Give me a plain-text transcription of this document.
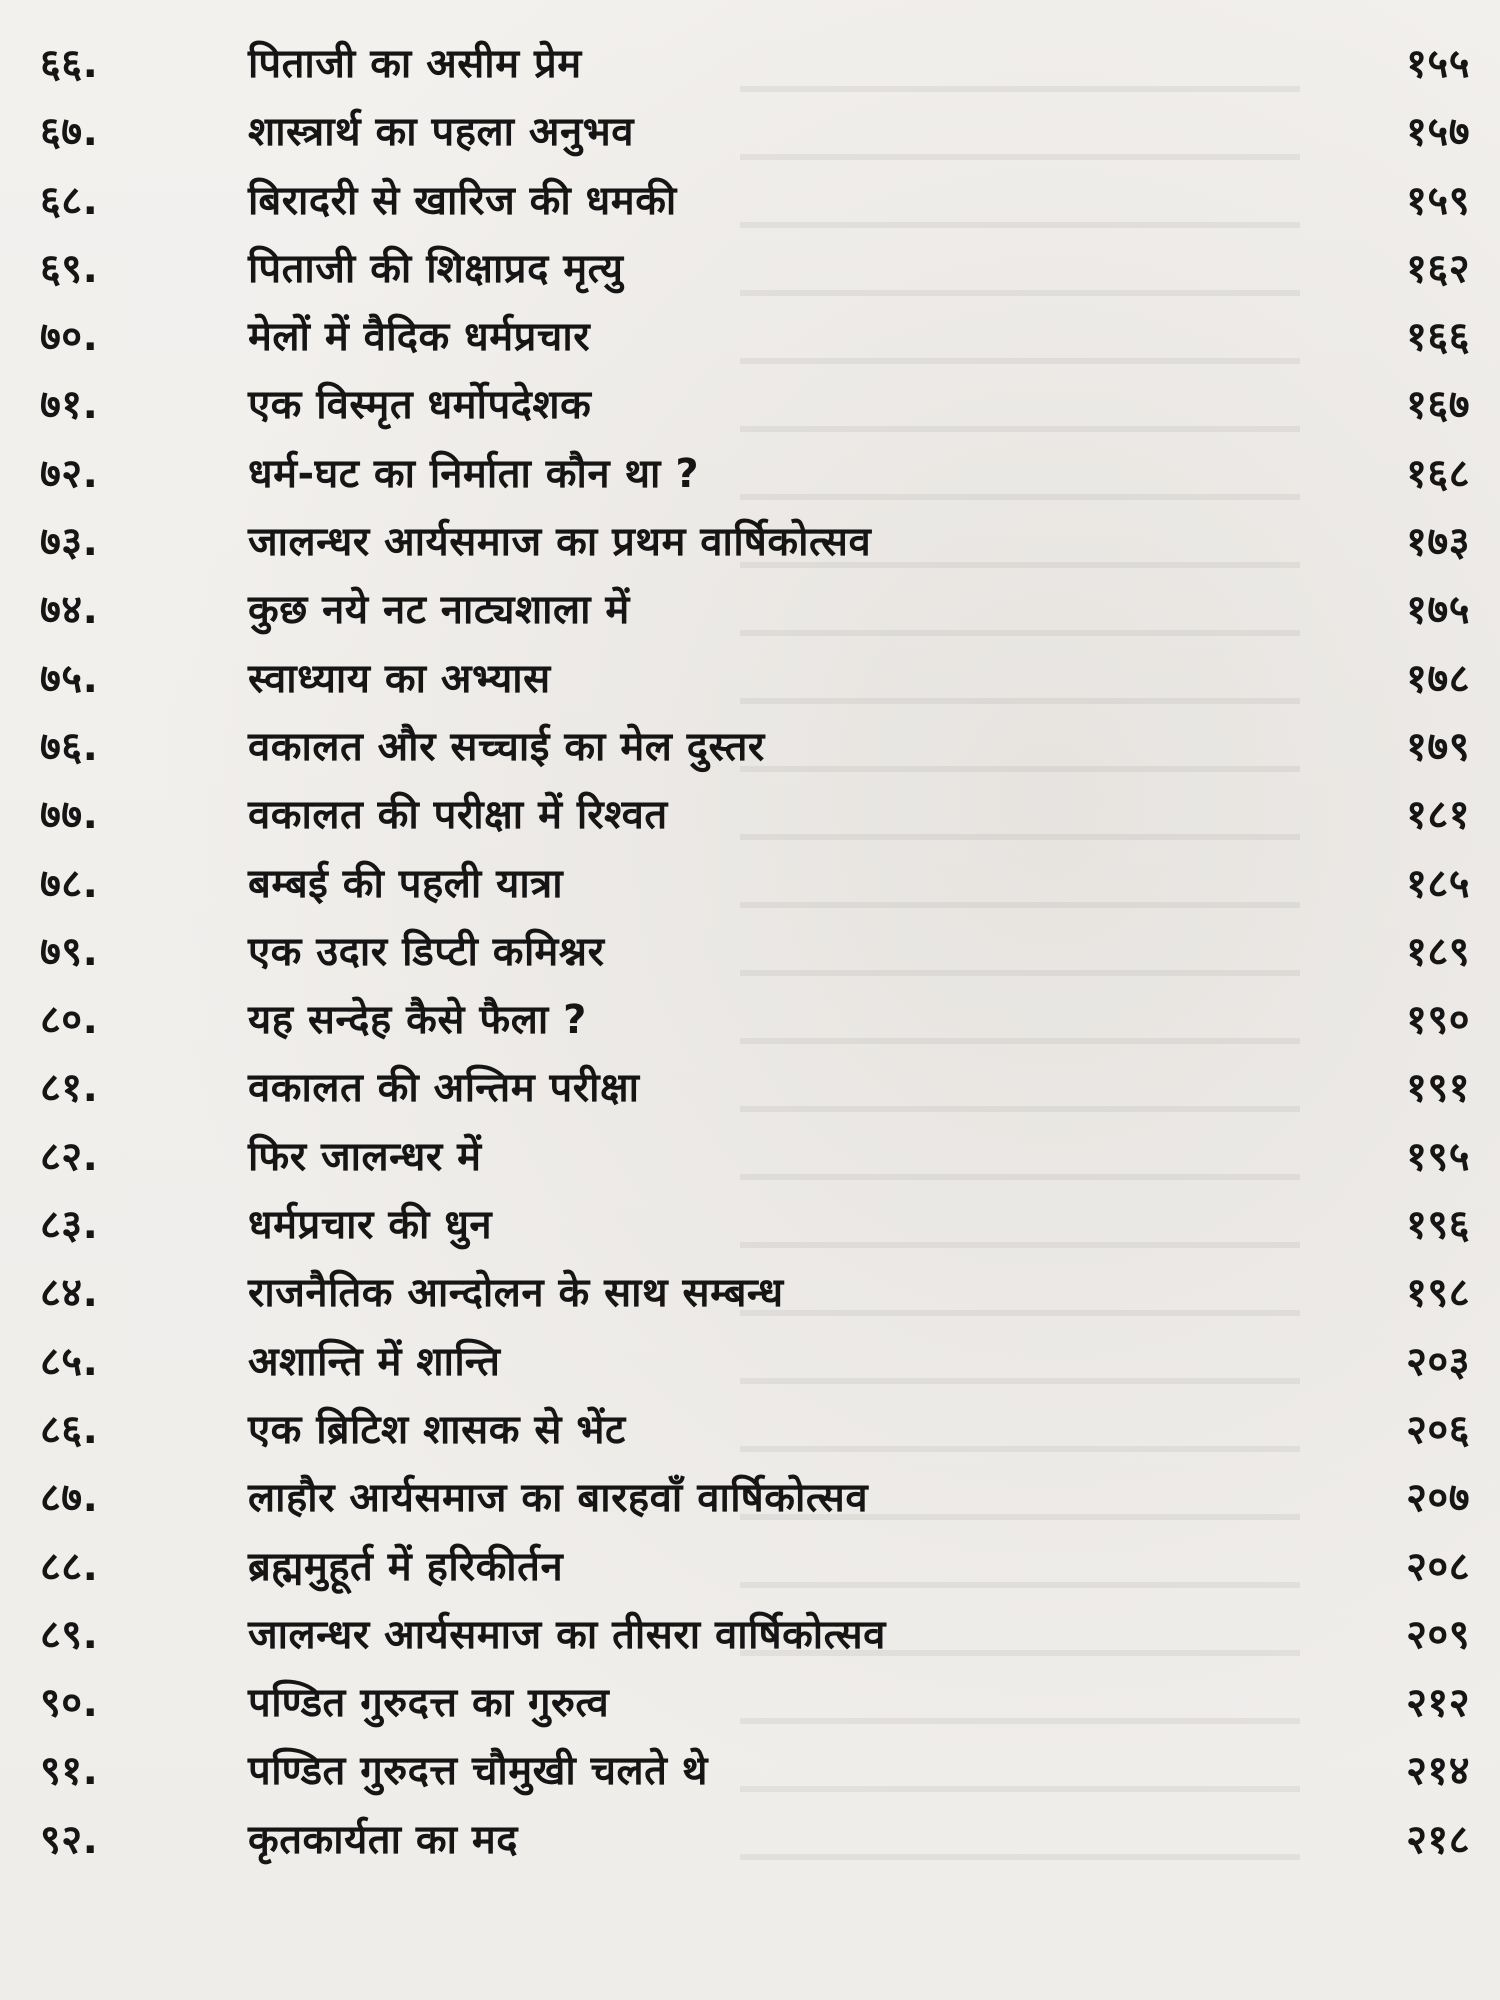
६६.	पिताजी का असीम प्रेम	१५५
६७.	शास्त्रार्थ का पहला अनुभव	१५७
६८.	बिरादरी से खारिज की धमकी	१५९
६९.	पिताजी की शिक्षाप्रद मृत्यु	१६२
७०.	मेलों में वैदिक धर्मप्रचार	१६६
७१.	एक विस्मृत धर्मोपदेशक	१६७
७२.	धर्म-घट का निर्माता कौन था ?	१६८
७३.	जालन्धर आर्यसमाज का प्रथम वार्षिकोत्सव	१७३
७४.	कुछ नये नट नाट्यशाला में	१७५
७५.	स्वाध्याय का अभ्यास	१७८
७६.	वकालत और सच्चाई का मेल दुस्तर	१७९
७७.	वकालत की परीक्षा में रिश्वत	१८१
७८.	बम्बई की पहली यात्रा	१८५
७९.	एक उदार डिप्टी कमिश्नर	१८९
८०.	यह सन्देह कैसे फैला ?	१९०
८१.	वकालत की अन्तिम परीक्षा	१९१
८२.	फिर जालन्धर में	१९५
८३.	धर्मप्रचार की धुन	१९६
८४.	राजनैतिक आन्दोलन के साथ सम्बन्ध	१९८
८५.	अशान्ति में शान्ति	२०३
८६.	एक ब्रिटिश शासक से भेंट	२०६
८७.	लाहौर आर्यसमाज का बारहवाँ वार्षिकोत्सव	२०७
८८.	ब्रह्ममुहूर्त में हरिकीर्तन	२०८
८९.	जालन्धर आर्यसमाज का तीसरा वार्षिकोत्सव	२०९
९०.	पण्डित गुरुदत्त का गुरुत्व	२१२
९१.	पण्डित गुरुदत्त चौमुखी चलते थे	२१४
९२.	कृतकार्यता का मद	२१८
